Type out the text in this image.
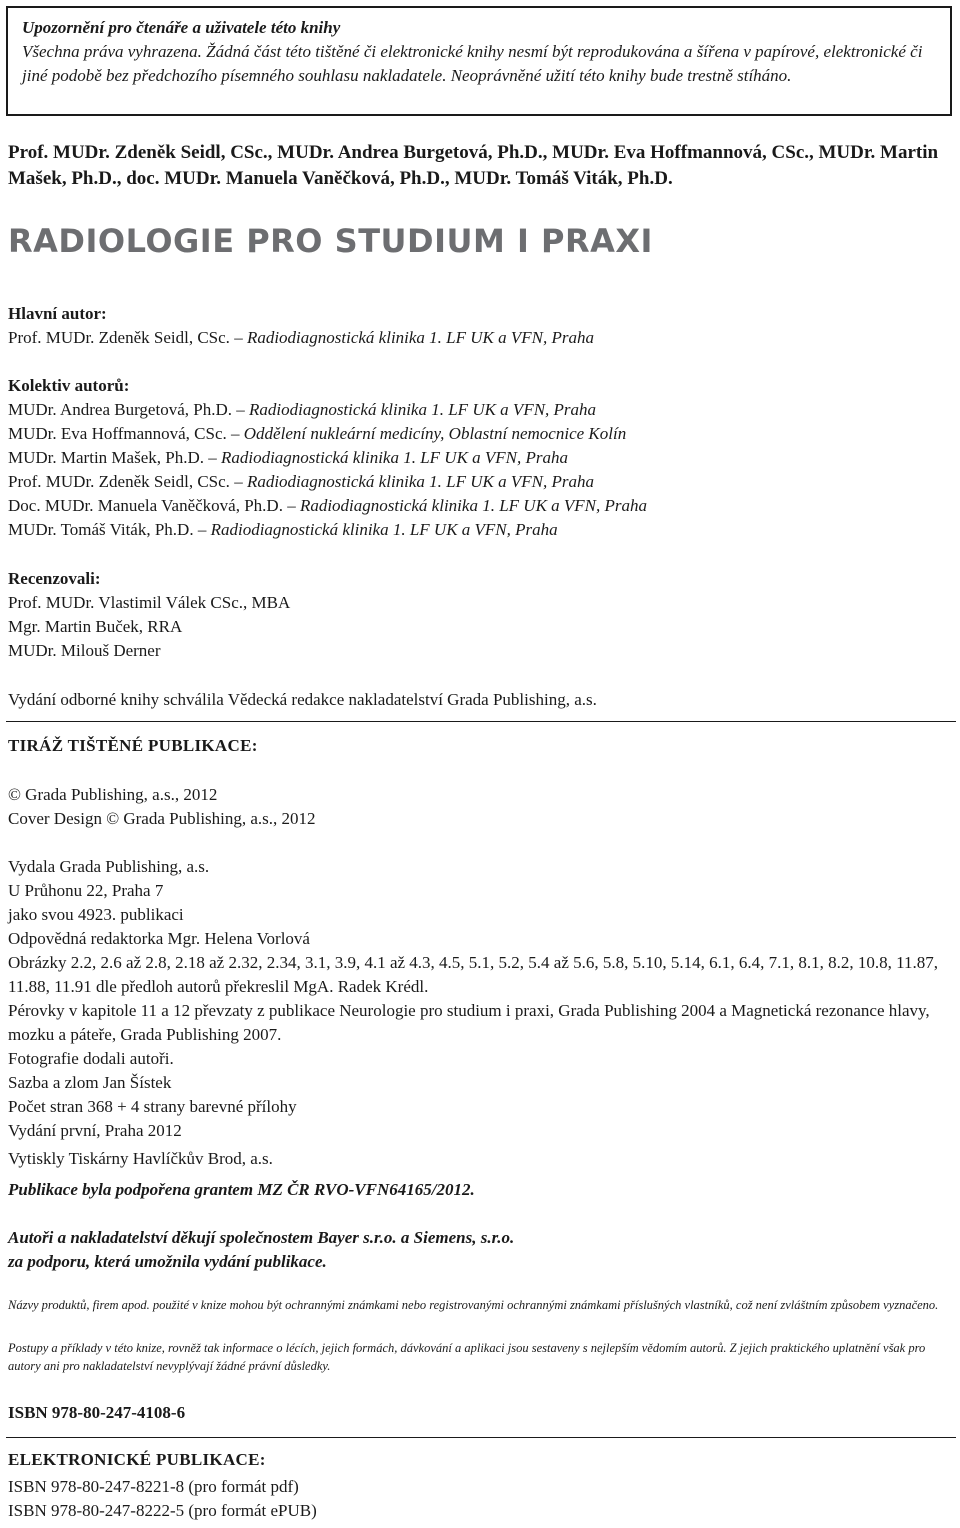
Upozornění pro čtenáře a uživatele této knihy
Všechna práva vyhrazena. Žádná část této tištěné či elektronické knihy nesmí být reprodukována a šířena v papírové, elektronické či jiné podobě bez předchozího písemného souhlasu nakladatele. Neoprávněné užití této knihy bude trestně stíháno.
Prof. MUDr. Zdeněk Seidl, CSc., MUDr. Andrea Burgetová, Ph.D., MUDr. Eva Hoffmannová, CSc., MUDr. Martin Mašek, Ph.D., doc. MUDr. Manuela Vaněčková, Ph.D., MUDr. Tomáš Viták, Ph.D.
RADIOLOGIE PRO STUDIUM I PRAXI
Hlavní autor:
Prof. MUDr. Zdeněk Seidl, CSc. – Radiodiagnostická klinika 1. LF UK a VFN, Praha
Kolektiv autorů:
MUDr. Andrea Burgetová, Ph.D. – Radiodiagnostická klinika 1. LF UK a VFN, Praha
MUDr. Eva Hoffmannová, CSc. – Oddělení nukleární medicíny, Oblastní nemocnice Kolín
MUDr. Martin Mašek, Ph.D. – Radiodiagnostická klinika 1. LF UK a VFN, Praha
Prof. MUDr. Zdeněk Seidl, CSc. – Radiodiagnostická klinika 1. LF UK a VFN, Praha
Doc. MUDr. Manuela Vaněčková, Ph.D. – Radiodiagnostická klinika 1. LF UK a VFN, Praha
MUDr. Tomáš Viták, Ph.D. – Radiodiagnostická klinika 1. LF UK a VFN, Praha
Recenzovali:
Prof. MUDr. Vlastimil Válek CSc., MBA
Mgr. Martin Buček, RRA
MUDr. Milouš Derner
Vydání odborné knihy schválila Vědecká redakce nakladatelství Grada Publishing, a.s.
TIRÁŽ TIŠTĚNÉ PUBLIKACE:
© Grada Publishing, a.s., 2012
Cover Design © Grada Publishing, a.s., 2012
Vydala Grada Publishing, a.s.
U Průhonu 22, Praha 7
jako svou 4923. publikaci
Odpovědná redaktorka Mgr. Helena Vorlová
Obrázky 2.2, 2.6 až 2.8, 2.18 až 2.32, 2.34, 3.1, 3.9, 4.1 až 4.3, 4.5, 5.1, 5.2, 5.4 až 5.6, 5.8, 5.10, 5.14, 6.1, 6.4, 7.1, 8.1, 8.2, 10.8, 11.87, 11.88, 11.91 dle předloh autorů překreslil MgA. Radek Krédl.
Pérovky v kapitole 11 a 12 převzaty z publikace Neurologie pro studium i praxi, Grada Publishing 2004 a Magnetická rezonance hlavy, mozku a páteře, Grada Publishing 2007.
Fotografie dodali autoři.
Sazba a zlom Jan Šístek
Počet stran 368 + 4 strany barevné přílohy
Vydání první, Praha 2012
Vytiskly Tiskárny Havlíčkův Brod, a.s.
Publikace byla podpořena grantem MZ ČR RVO-VFN64165/2012.
Autoři a nakladatelství děkují společnostem Bayer s.r.o. a Siemens, s.r.o.
za podporu, která umožnila vydání publikace.
Názvy produktů, firem apod. použité v knize mohou být ochrannými známkami nebo registrovanými ochrannými známkami příslušných vlastníků, což není zvláštním způsobem vyznačeno.
Postupy a příklady v této knize, rovněž tak informace o lécích, jejich formách, dávkování a aplikaci jsou sestaveny s nejlepším vědomím autorů. Z jejich praktického uplatnění však pro autory ani pro nakladatelství nevyplývají žádné právní důsledky.
ISBN 978-80-247-4108-6
ELEKTRONICKÉ PUBLIKACE:
ISBN 978-80-247-8221-8 (pro formát pdf)
ISBN 978-80-247-8222-5 (pro formát ePUB)
